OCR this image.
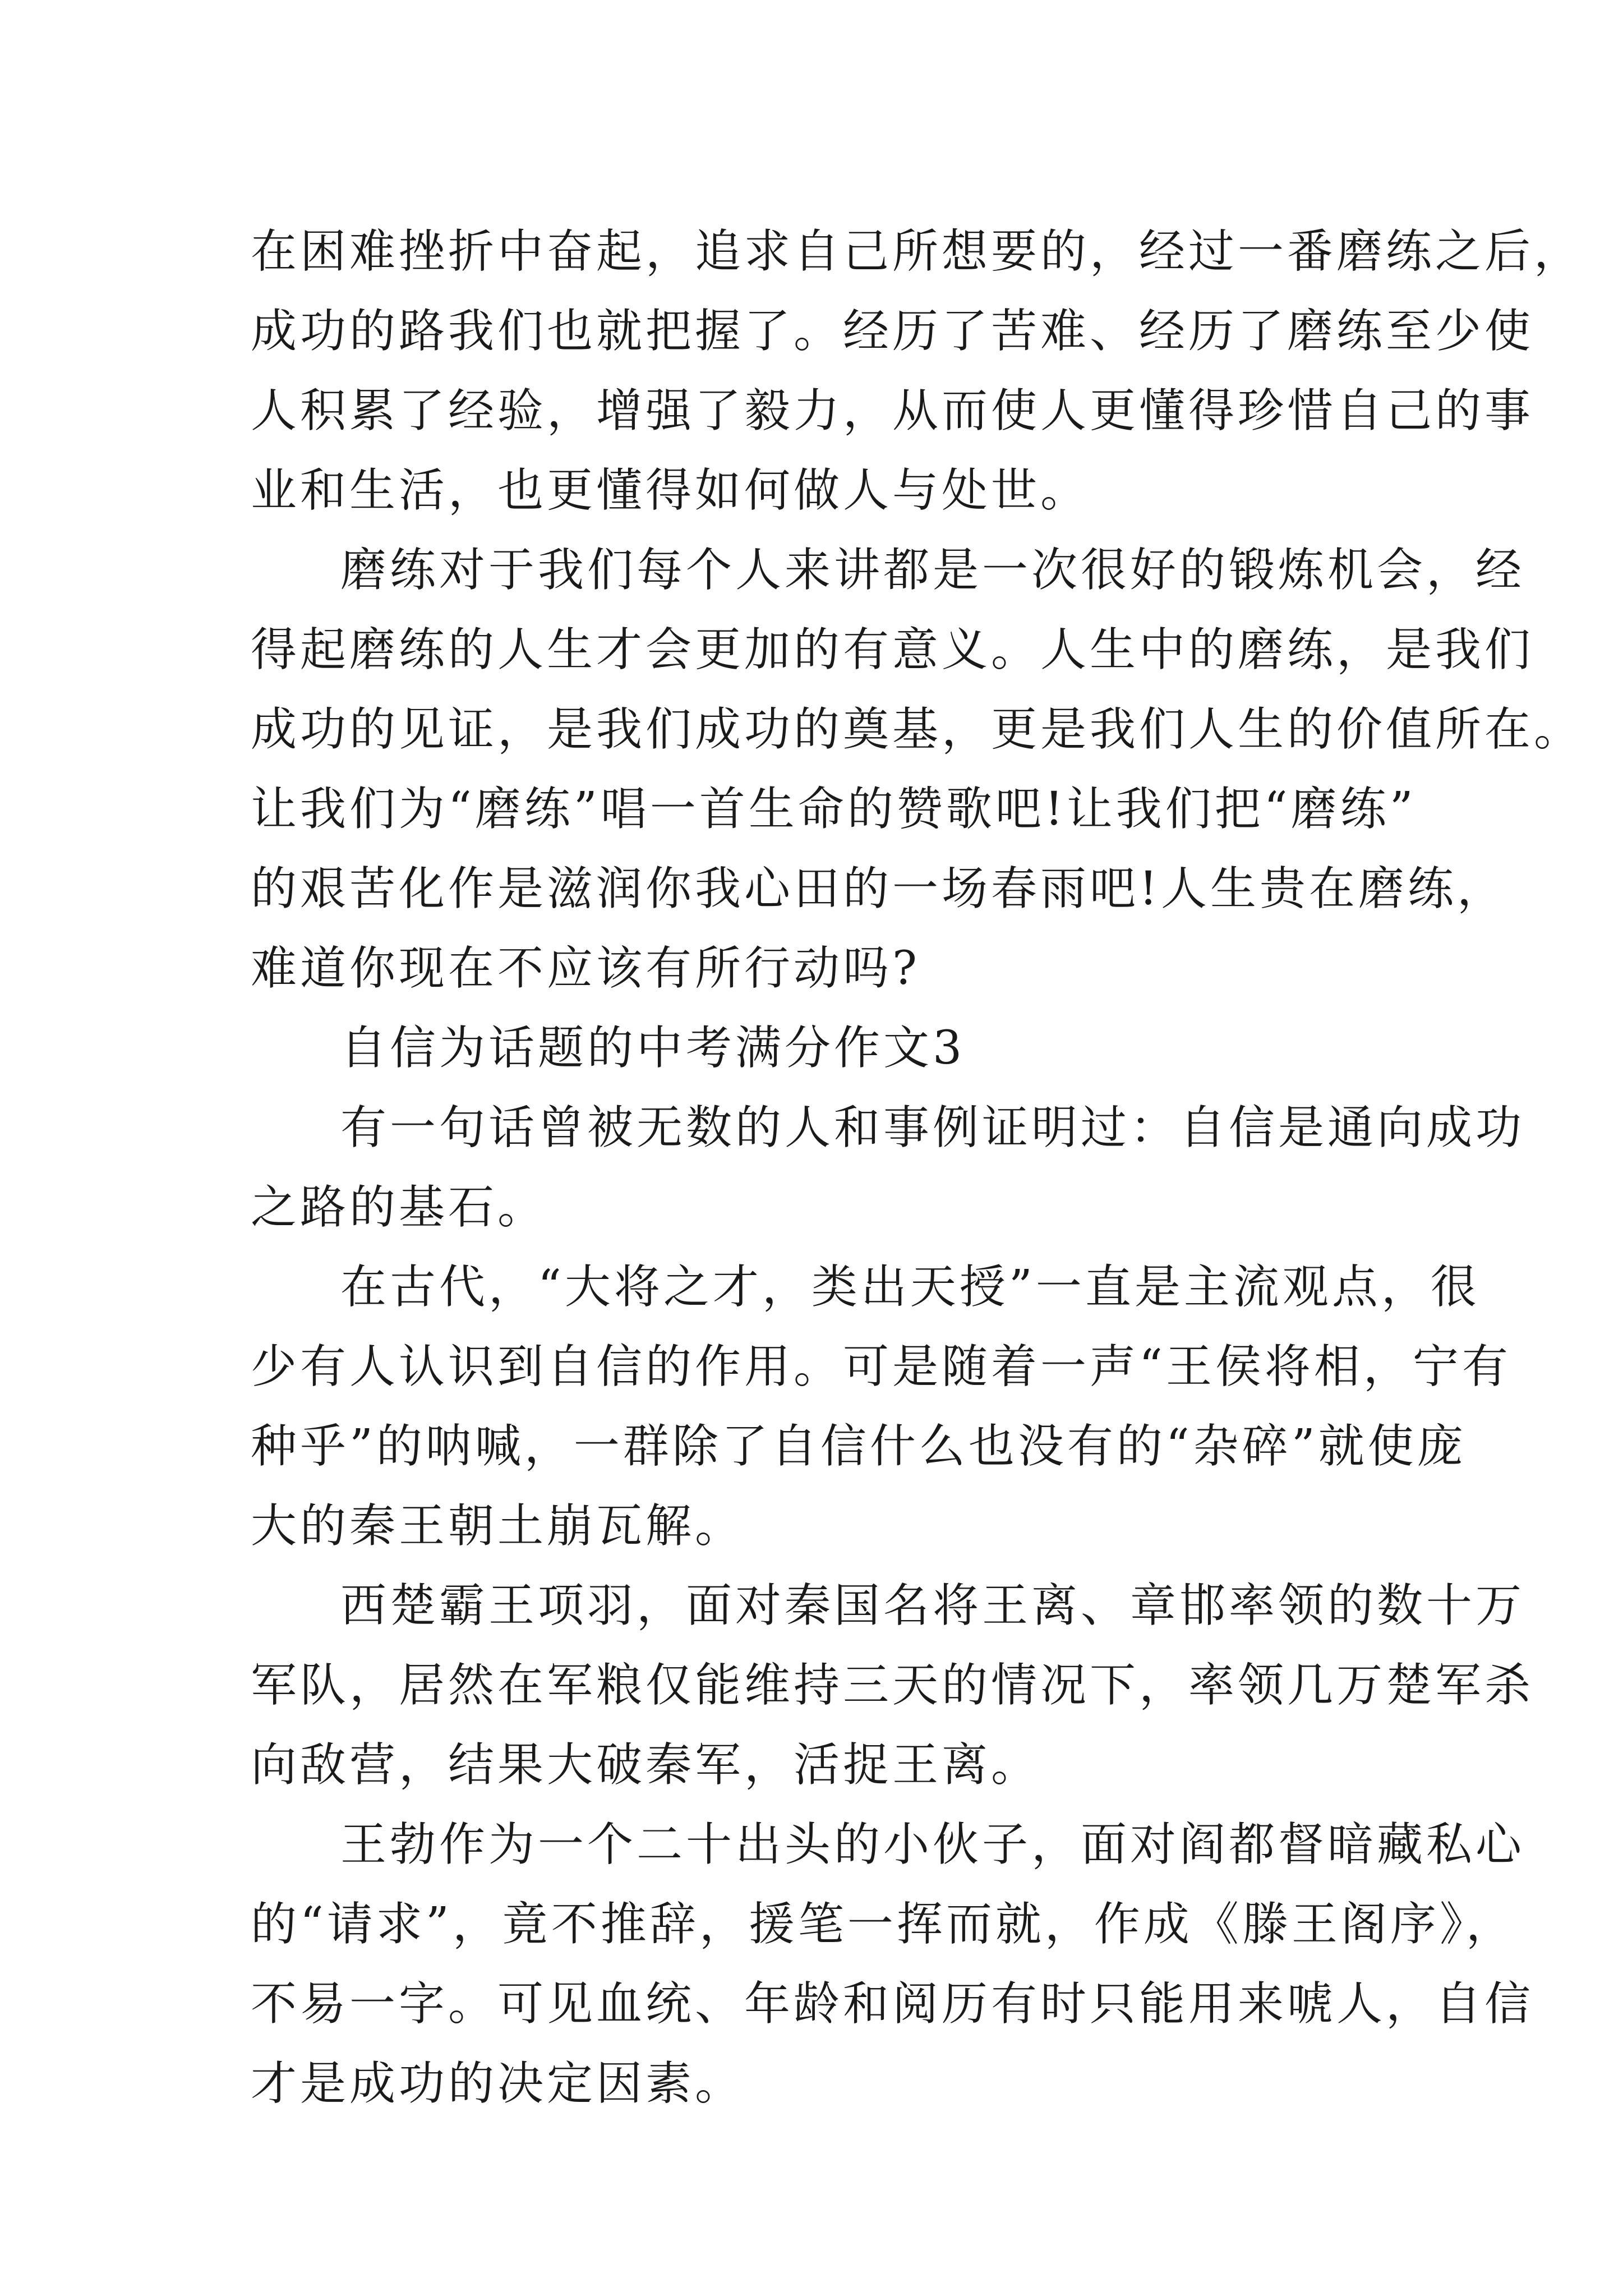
在困难挫折中奋起，追求自己所想要的，经过一番磨练之后，
成功的路我们也就把握了。经历了苦难、经历了磨练至少使
人积累了经验，增强了毅力，从而使人更懂得珍惜自己的事
业和生活，也更懂得如何做人与处世。
磨练对于我们每个人来讲都是一次很好的锻炼机会，经
得起磨练的人生才会更加的有意义。人生中的磨练，是我们
成功的见证，是我们成功的奠基，更是我们人生的价值所在。
让我们为“磨练”唱一首生命的赞歌吧!让我们把“磨练”
的艰苦化作是滋润你我心田的一场春雨吧!人生贵在磨练，
难道你现在不应该有所行动吗?
自信为话题的中考满分作文3
有一句话曾被无数的人和事例证明过：自信是通向成功
之路的基石。
在古代，“大将之才，类出天授”一直是主流观点，很
少有人认识到自信的作用。可是随着一声“王侯将相，宁有
种乎”的呐喊，一群除了自信什么也没有的“杂碎”就使庞
大的秦王朝土崩瓦解。
西楚霸王项羽，面对秦国名将王离、章邯率领的数十万
军队，居然在军粮仅能维持三天的情况下，率领几万楚军杀
向敌营，结果大破秦军，活捉王离。
王勃作为一个二十出头的小伙子，面对阎都督暗藏私心
的“请求”，竟不推辞，援笔一挥而就，作成《滕王阁序》，
不易一字。可见血统、年龄和阅历有时只能用来唬人，自信
才是成功的决定因素。
